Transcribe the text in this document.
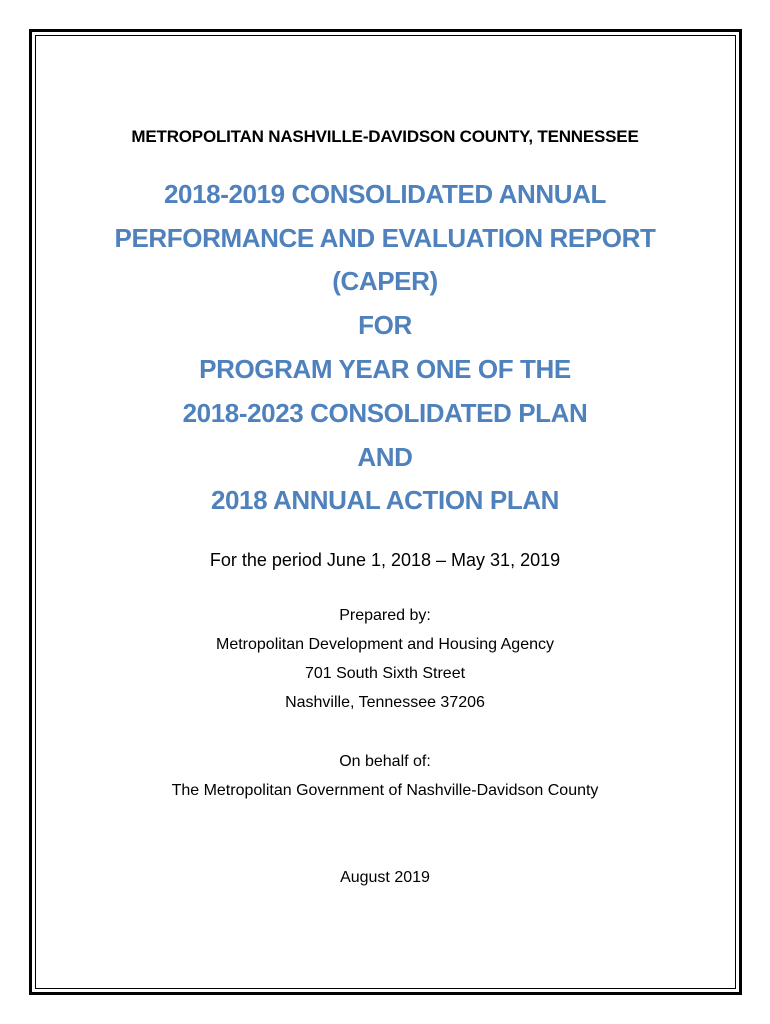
METROPOLITAN NASHVILLE-DAVIDSON COUNTY, TENNESSEE
2018-2019 CONSOLIDATED ANNUAL
PERFORMANCE AND EVALUATION REPORT
(CAPER)
FOR
PROGRAM YEAR ONE OF THE
2018-2023 CONSOLIDATED PLAN
AND
2018 ANNUAL ACTION PLAN
For the period June 1, 2018 – May 31, 2019
Prepared by:
Metropolitan Development and Housing Agency
701 South Sixth Street
Nashville, Tennessee 37206
On behalf of:
The Metropolitan Government of Nashville-Davidson County
August 2019
